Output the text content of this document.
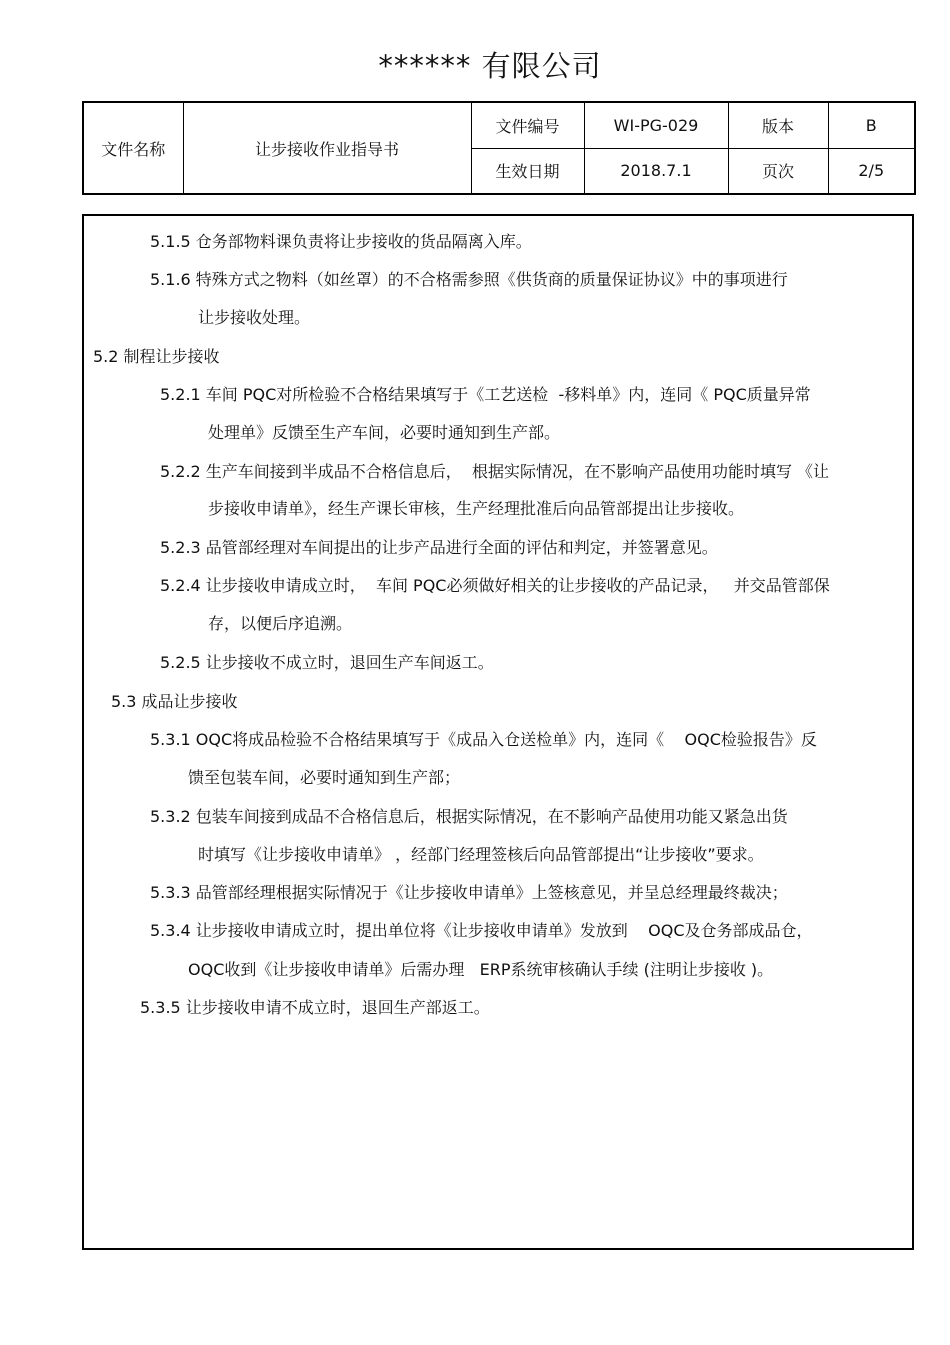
****** 有限公司
文件名称	让步接收作业指导书	文件编号	WI-PG-029	版本	B
		生效日期	2018.7.1	页次	2/5
5.1.5 仓务部物料课负责将让步接收的货品隔离入库。
5.1.6 特殊方式之物料（如丝罩）的不合格需参照《供货商的质量保证协议》中的事项进行
让步接收处理。
5.2 制程让步接收
5.2.1 车间 PQC对所检验不合格结果填写于《工艺送检  -移料单》内，连同《 PQC质量异常
处理单》反馈至生产车间，必要时通知到生产部。
5.2.2 生产车间接到半成品不合格信息后，  根据实际情况，在不影响产品使用功能时填写 《让
步接收申请单》，经生产课长审核，生产经理批准后向品管部提出让步接收。
5.2.3 品管部经理对车间提出的让步产品进行全面的评估和判定，并签署意见。
5.2.4 让步接收申请成立时，  车间 PQC必须做好相关的让步接收的产品记录，   并交品管部保
存，以便后序追溯。
5.2.5 让步接收不成立时，退回生产车间返工。
5.3 成品让步接收
5.3.1 OQC将成品检验不合格结果填写于《成品入仓送检单》内，连同《    OQC检验报告》反
馈至包装车间，必要时通知到生产部；
5.3.2 包装车间接到成品不合格信息后，根据实际情况，在不影响产品使用功能又紧急出货
时填写《让步接收申请单》 ，经部门经理签核后向品管部提出“让步接收”要求。
5.3.3 品管部经理根据实际情况于《让步接收申请单》上签核意见，并呈总经理最终裁决；
5.3.4 让步接收申请成立时，提出单位将《让步接收申请单》发放到    OQC及仓务部成品仓，
OQC收到《让步接收申请单》后需办理   ERP系统审核确认手续 (注明让步接收 )。
5.3.5 让步接收申请不成立时，退回生产部返工。
